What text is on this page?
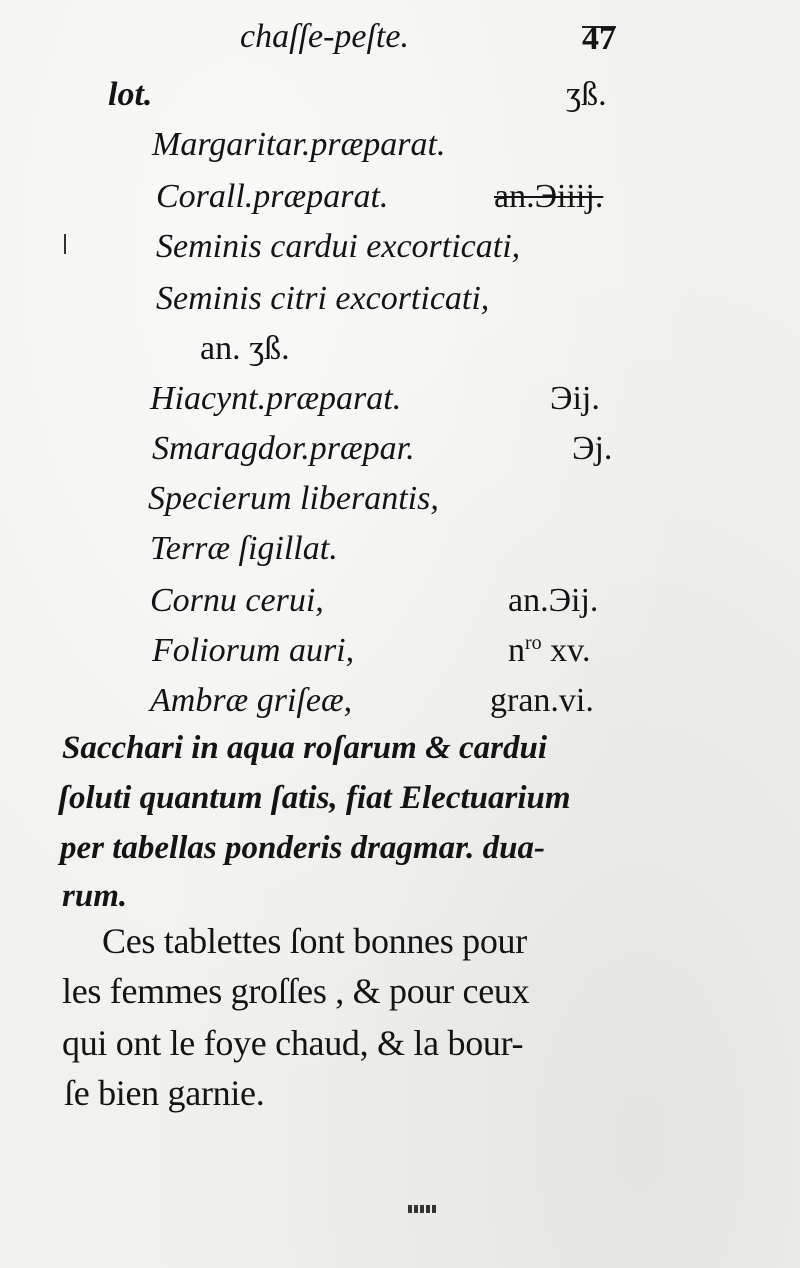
chaſſe-peſte.	47
lot.	ʒß.
Margaritar.præparat.
Corall.præparat.	an.Эiiij.
Seminis cardui excorticati,
Seminis citri excorticati,
an. ʒß.
Hiacynt.præparat.	Эij.
Smaragdor.præpar.	Эj.
Specierum liberantis,
Terræ ſigillat.
Cornu cerui,	an.Эij.
Foliorum auri,	$n^{ro}$ xv.
Ambræ griſeæ,	gran.vi.
Sacchari in aqua roſarum & cardui
ſoluti quantum ſatis, fiat Electuarium
per tabellas ponderis dragmar. dua-
rum.
Ces tablettes ſont bonnes pour
les femmes groſſes , & pour ceux
qui ont le foye chaud, & la bour-
ſe bien garnie.
